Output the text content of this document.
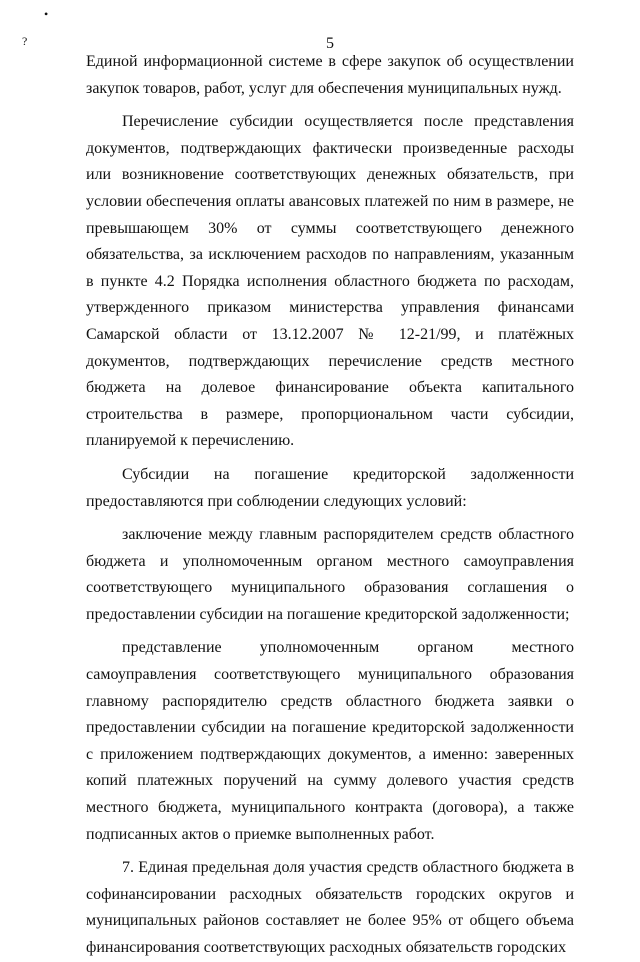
•
?	5

Единой информационной системе в сфере закупок об осуществлении закупок товаров, работ, услуг для обеспечения муниципальных нужд.

Перечисление субсидии осуществляется после представления документов, подтверждающих фактически произведенные расходы или возникновение соответствующих денежных обязательств, при условии обеспечения оплаты авансовых платежей по ним в размере, не превышающем 30% от суммы соответствующего денежного обязательства, за исключением расходов по направлениям, указанным в пункте 4.2 Порядка исполнения областного бюджета по расходам, утвержденного приказом министерства управления финансами Самарской области от 13.12.2007 № 12-21/99, и платёжных документов, подтверждающих перечисление средств местного бюджета на долевое финансирование объекта капитального строительства в размере, пропорциональном части субсидии, планируемой к перечислению.

Субсидии на погашение кредиторской задолженности предоставляются при соблюдении следующих условий:

заключение между главным распорядителем средств областного бюджета и уполномоченным органом местного самоуправления соответствующего муниципального образования соглашения о предоставлении субсидии на погашение кредиторской задолженности;

представление уполномоченным органом местного самоуправления соответствующего муниципального образования главному распорядителю средств областного бюджета заявки о предоставлении субсидии на погашение кредиторской задолженности с приложением подтверждающих документов, а именно: заверенных копий платежных поручений на сумму долевого участия средств местного бюджета, муниципального контракта (договора), а также подписанных актов о приемке выполненных работ.

7. Единая предельная доля участия средств областного бюджета в софинансировании расходных обязательств городских округов и муниципальных районов составляет не более 95% от общего объема финансирования соответствующих расходных обязательств городских
